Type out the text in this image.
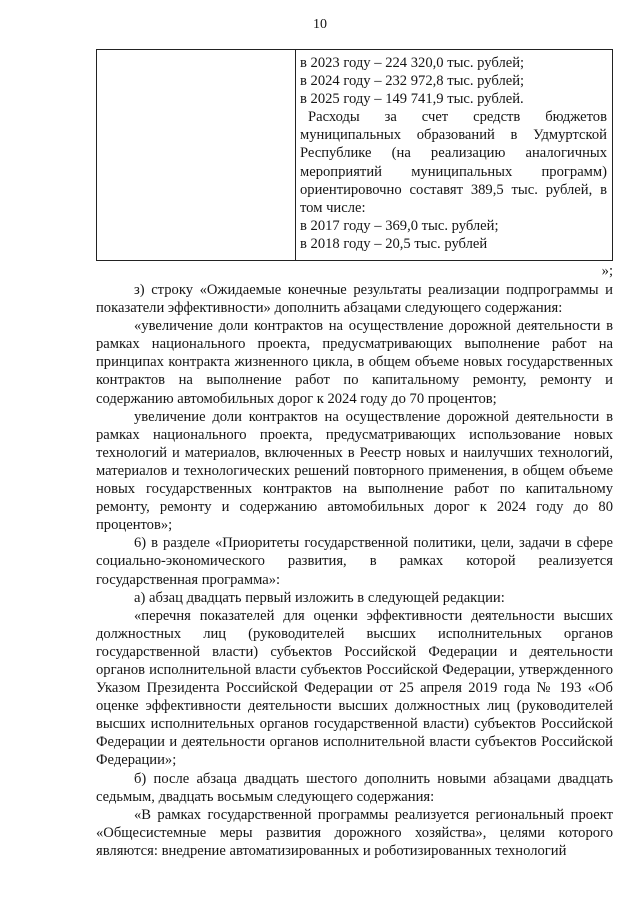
10
в 2023 году – 224 320,0 тыс. рублей;
в 2024 году – 232 972,8 тыс. рублей;
в 2025 году – 149 741,9 тыс. рублей.
Расходы за счет средств бюджетов
муниципальных образований в Удмуртской
Республике (на реализацию аналогичных
мероприятий муниципальных программ)
ориентировочно составят 389,5 тыс. рублей, в
том числе:
в 2017 году – 369,0 тыс. рублей;
в 2018 году – 20,5 тыс. рублей
»;

з) строку «Ожидаемые конечные результаты реализации подпрограммы и показатели эффективности» дополнить абзацами следующего содержания:

«увеличение доли контрактов на осуществление дорожной деятельности в рамках национального проекта, предусматривающих выполнение работ на принципах контракта жизненного цикла, в общем объеме новых государственных контрактов на выполнение работ по капитальному ремонту, ремонту и содержанию автомобильных дорог к 2024 году до 70 процентов;

увеличение доли контрактов на осуществление дорожной деятельности в рамках национального проекта, предусматривающих использование новых технологий и материалов, включенных в Реестр новых и наилучших технологий, материалов и технологических решений повторного применения, в общем объеме новых государственных контрактов на выполнение работ по капитальному ремонту, ремонту и содержанию автомобильных дорог к 2024 году до 80 процентов»;

6) в разделе «Приоритеты государственной политики, цели, задачи в сфере социально-экономического развития, в рамках которой реализуется государственная программа»:

а) абзац двадцать первый изложить в следующей редакции:

«перечня показателей для оценки эффективности деятельности высших должностных лиц (руководителей высших исполнительных органов государственной власти) субъектов Российской Федерации и деятельности органов исполнительной власти субъектов Российской Федерации, утвержденного Указом Президента Российской Федерации от 25 апреля 2019 года № 193 «Об оценке эффективности деятельности высших должностных лиц (руководителей высших исполнительных органов государственной власти) субъектов Российской Федерации и деятельности органов исполнительной власти субъектов Российской Федерации»;

б) после абзаца двадцать шестого дополнить новыми абзацами двадцать седьмым, двадцать восьмым следующего содержания:

«В рамках государственной программы реализуется региональный проект «Общесистемные меры развития дорожного хозяйства», целями которого являются: внедрение автоматизированных и роботизированных технологий
